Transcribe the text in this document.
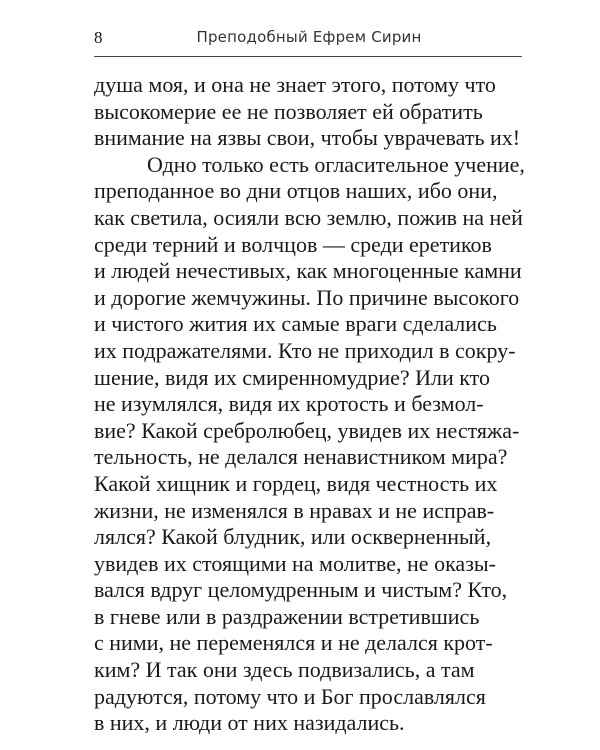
8	Преподобный Ефрем Сирин
душа моя, и она не знает этого, потому что
высокомерие ее не позволяет ей обратить
внимание на язвы свои, чтобы уврачевать их!
Одно только есть огласительное учение,
преподанное во дни отцов наших, ибо они,
как светила, осияли всю землю, пожив на ней
среди терний и волчцов — среди еретиков
и людей нечестивых, как многоценные камни
и дорогие жемчужины. По причине высокого
и чистого жития их самые враги сделались
их подражателями. Кто не приходил в сокру-
шение, видя их смиренномудрие? Или кто
не изумлялся, видя их кротость и безмол-
вие? Какой сребролюбец, увидев их нестяжа-
тельность, не делался ненавистником мира?
Какой хищник и гордец, видя честность их
жизни, не изменялся в нравах и не исправ-
лялся? Какой блудник, или оскверненный,
увидев их стоящими на молитве, не оказы-
вался вдруг целомудренным и чистым? Кто,
в гневе или в раздражении встретившись
с ними, не переменялся и не делался крот-
ким? И так они здесь подвизались, а там
радуются, потому что и Бог прославлялся
в них, и люди от них назидались.
